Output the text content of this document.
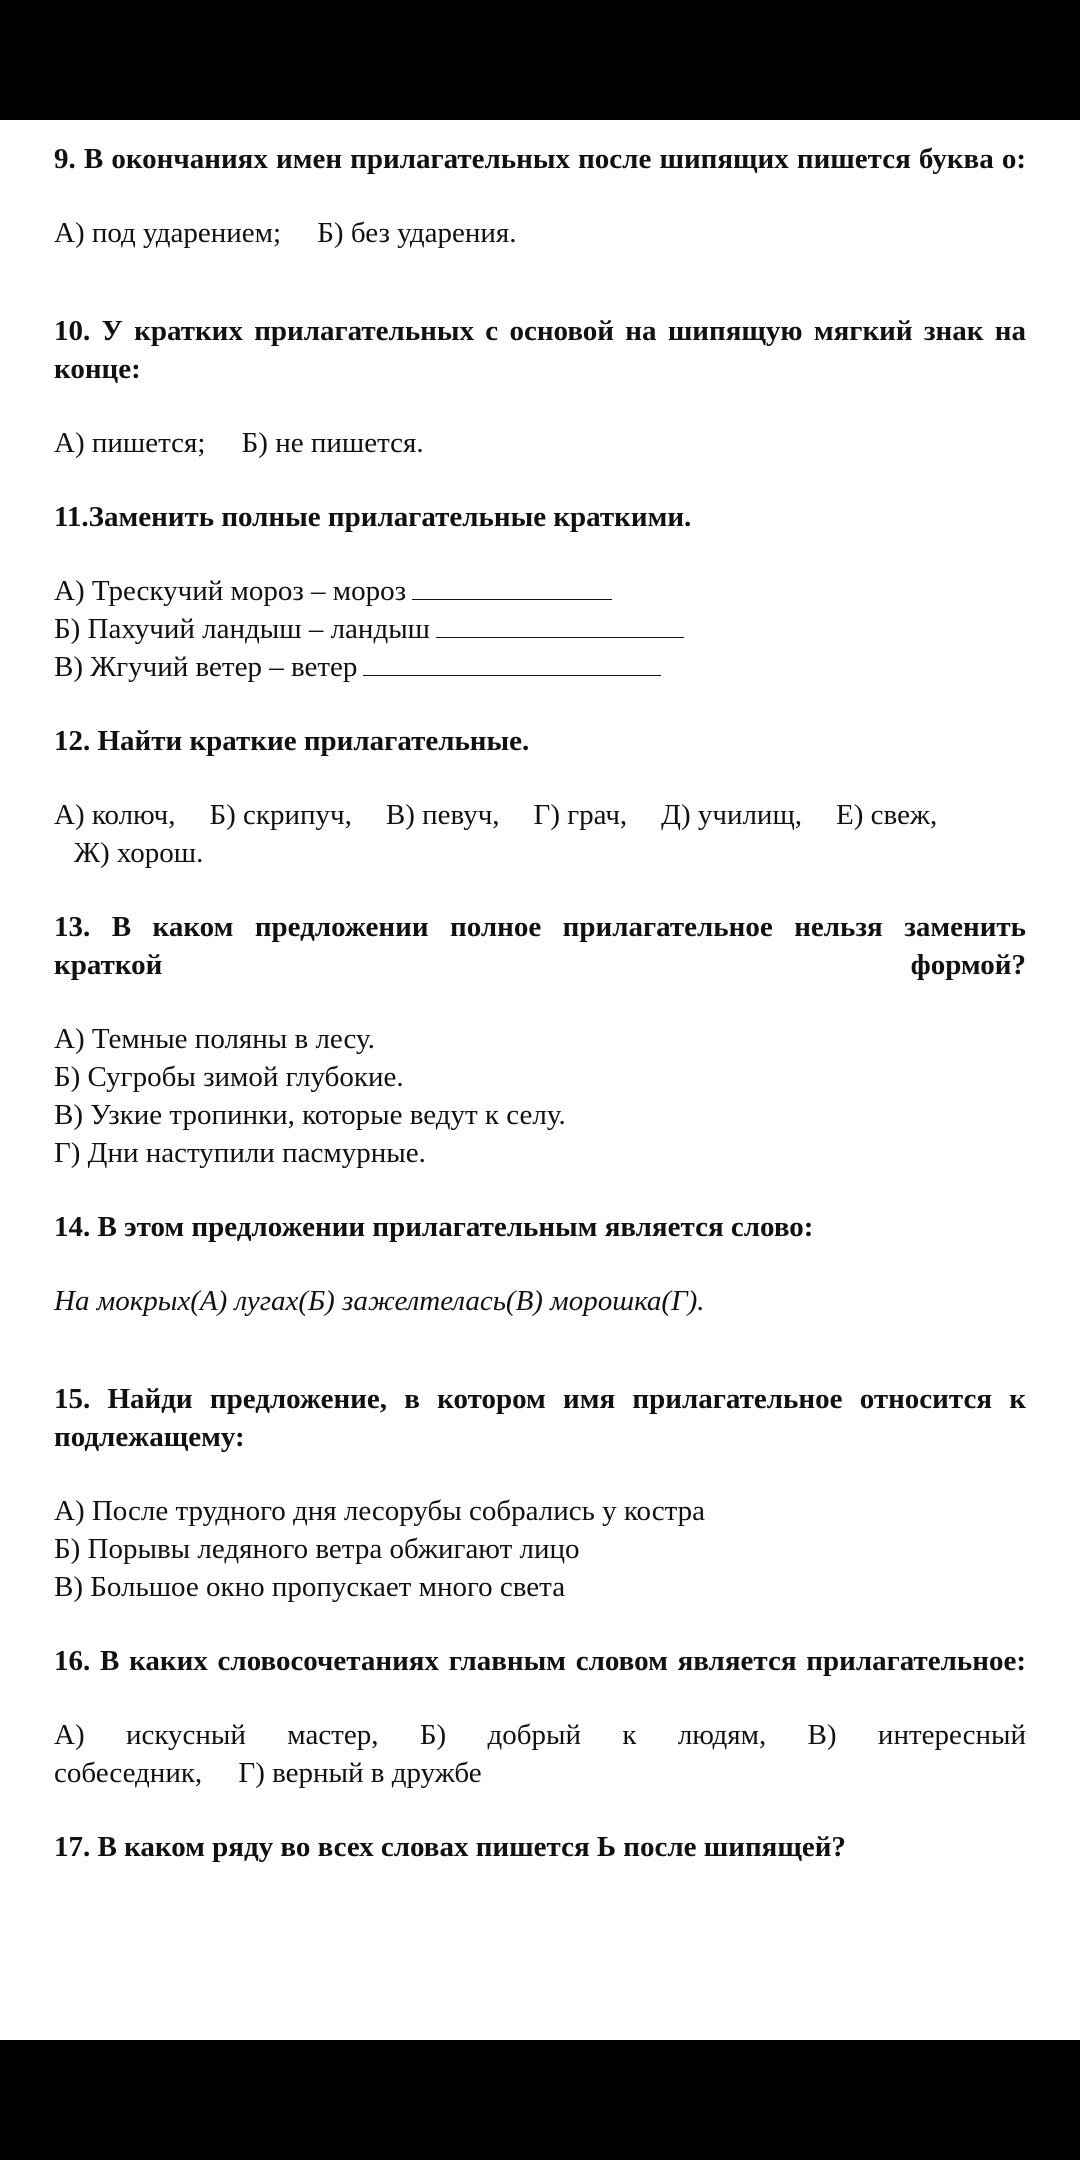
9. В окончаниях имен прилагательных после шипящих пишется буква о:
А) под ударением;     Б) без ударения.
10. У кратких прилагательных с основой на шипящую мягкий знак на конце:
А) пишется;     Б) не пишется.
11.Заменить полные прилагательные краткими.
А) Трескучий мороз – мороз
Б) Пахучий ландыш – ландыш
В) Жгучий ветер – ветер
12. Найти краткие прилагательные.
А) колюч, Б) скрипуч, В) певуч, Г) грач, Д) училищ, Е) свеж,
Ж) хорош.
13. В каком предложении полное прилагательное нельзя заменить краткой формой?
А) Темные поляны в лесу.
Б) Сугробы зимой глубокие.
В) Узкие тропинки, которые ведут к селу.
Г) Дни наступили пасмурные.
14. В этом предложении прилагательным является слово:
На мокрых(А) лугах(Б) зажелтелась(В) морошка(Г).
15. Найди предложение, в котором имя прилагательное относится к подлежащему:
А) После трудного дня лесорубы собрались у костра
Б) Порывы ледяного ветра обжигают лицо
В) Большое окно пропускает много света
16. В каких словосочетаниях главным словом является прилагательное:
А) искусный мастер, Б) добрый к людям, В) интересный
собеседник,     Г) верный в дружбе
17. В каком ряду во всех словах пишется Ь после шипящей?
